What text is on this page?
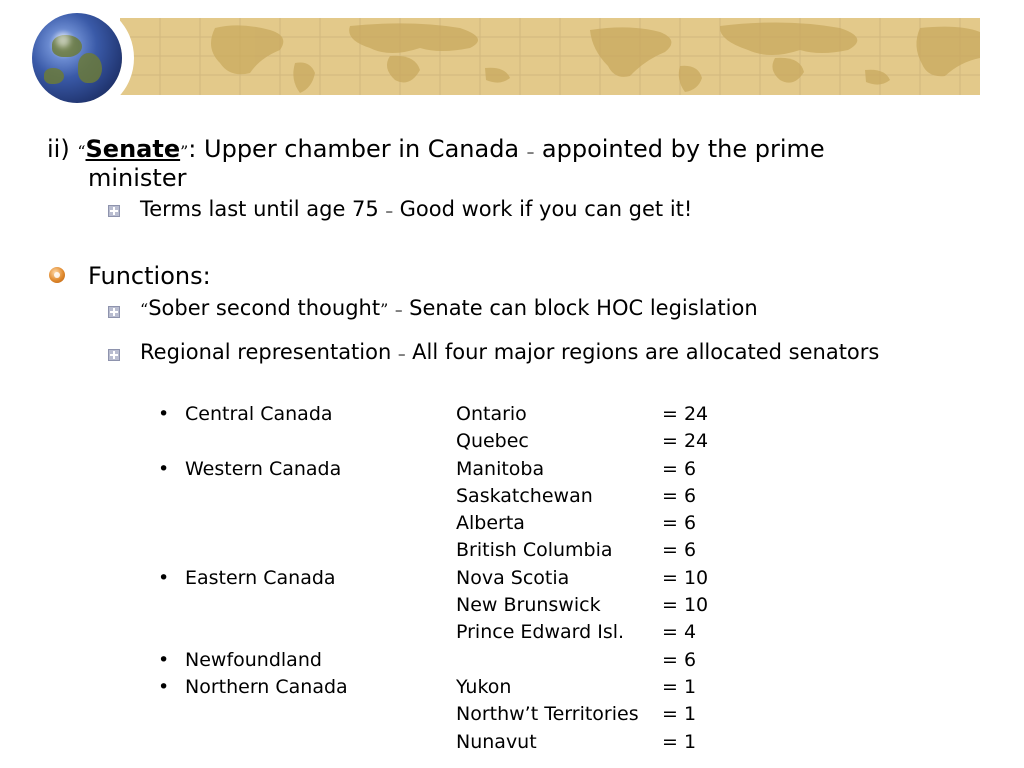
ii) “Senate”: Upper chamber in Canada – appointed by the prime
minister
Terms last until age 75 – Good work if you can get it!
Functions:
“Sober second thought” – Senate can block HOC legislation
Regional representation – All four major regions are allocated senators
• Central Canada	Ontario	= 24
Quebec	= 24
• Western Canada	Manitoba	= 6
Saskatchewan	= 6
Alberta	= 6
British Columbia	= 6
• Eastern Canada	Nova Scotia	= 10
New Brunswick	= 10
Prince Edward Isl. = 4
• Newfoundland	= 6
• Northern Canada	Yukon	= 1
Northw’t Territories = 1
Nunavut	= 1
